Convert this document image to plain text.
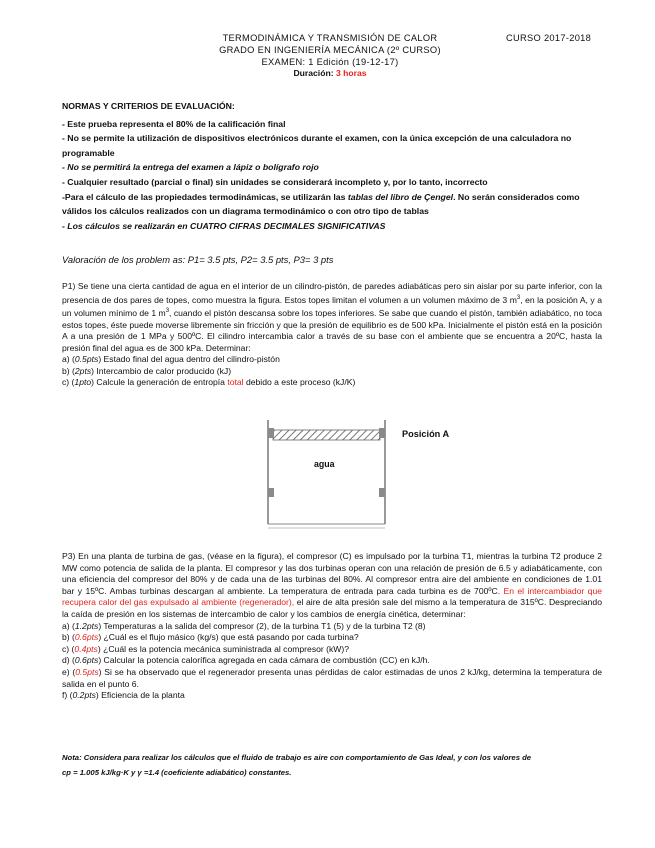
TERMODINÁMICA Y TRANSMISIÓN DE CALOR	CURSO 2017-2018
GRADO EN INGENIERÍA MECÁNICA (2º CURSO)
EXAMEN: 1 Edición (19-12-17)
Duración: 3 horas
NORMAS Y CRITERIOS DE EVALUACIÓN:
- Este prueba representa el 80% de la calificación final
- No se permite la utilización de dispositivos electrónicos durante el examen, con la única excepción de una calculadora no programable
- No se permitirá la entrega del examen a lápiz o bolígrafo rojo
- Cualquier resultado (parcial o final) sin unidades se considerará incompleto y, por lo tanto, incorrecto
-Para el cálculo de las propiedades termodinámicas, se utilizarán las tablas del libro de Çengel. No serán considerados como válidos los cálculos realizados con un diagrama termodinámico o con otro tipo de tablas
- Los cálculos se realizarán en CUATRO CIFRAS DECIMALES SIGNIFICATIVAS
Valoración de los problem as: P1= 3.5 pts, P2= 3.5 pts, P3= 3 pts

P1) Se tiene una cierta cantidad de agua en el interior de un cilindro-pistón, de paredes adiabáticas pero sin aislar por su parte inferior, con la presencia de dos pares de topes, como muestra la figura. Estos topes limitan el volumen a un volumen máximo de 3 $m^3$, en la posición A, y a un volumen mínimo de 1 $m^3$, cuando el pistón descansa sobre los topes inferiores. Se sabe que cuando el pistón, también adiabático, no toca estos topes, éste puede moverse libremente sin fricción y que la presión de equilibrio es de 500 kPa. Inicialmente el pistón está en la posición A a una presión de 1 MPa y 500ºC. El cilindro intercambia calor a través de su base con el ambiente que se encuentra a 20ºC, hasta la presión final del agua es de 300 kPa. Determinar:

a) (0.5pts) Estado final del agua dentro del cilindro-pistón
b) (2pts) Intercambio de calor producido (kJ)
c) (1pto) Calcule la generación de entropía total debido a este proceso (kJ/K)
agua
Posición A

P3) En una planta de turbina de gas, (véase en la figura), el compresor (C) es impulsado por la turbina T1, mientras la turbina T2 produce 2 MW como potencia de salida de la planta. El compresor y las dos turbinas operan con una relación de presión de 6.5 y adiabáticamente, con una eficiencia del compresor del 80% y de cada una de las turbinas del 80%. Al compresor entra aire del ambiente en condiciones de 1.01 bar y 15ºC. Ambas turbinas descargan al ambiente. La temperatura de entrada para cada turbina es de 700ºC. En el intercambiador que recupera calor del gas expulsado al ambiente (regenerador), el aire de alta presión sale del mismo a la temperatura de 315ºC. Despreciando la caída de presión en los sistemas de intercambio de calor y los cambios de energía cinética, determinar:

a) (1.2pts) Temperaturas a la salida del compresor (2), de la turbina T1 (5) y de la turbina T2 (8)
b) (0.6pts) ¿Cuál es el flujo másico (kg/s) que está pasando por cada turbina?
c) (0.4pts) ¿Cuál es la potencia mecánica suministrada al compresor (kW)?
d) (0.6pts) Calcular la potencia calorífica agregada en cada cámara de combustión (CC) en kJ/h.
e) (0.5pts) Si se ha observado que el regenerador presenta unas pérdidas de calor estimadas de unos 2 kJ/kg, determina la temperatura de salida en el punto 6.
f) (0.2pts) Eficiencia de la planta
Nota: Considera para realizar los cálculos que el fluido de trabajo es aire con comportamiento de Gas Ideal, y con los valores de
cp = 1.005 kJ/kg·K y γ =1.4 (coeficiente adiabático) constantes.
